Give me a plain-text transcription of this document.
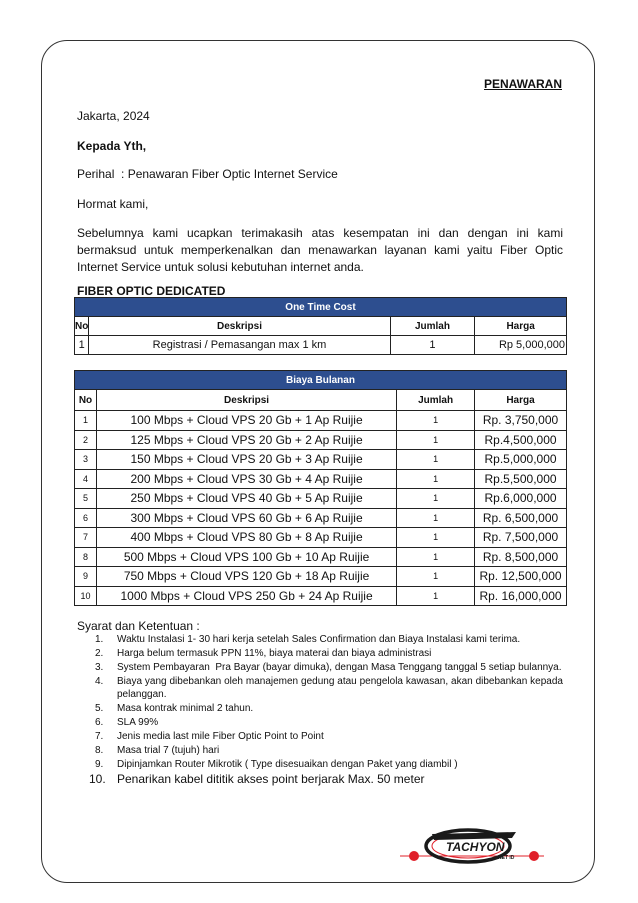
PENAWARAN
Jakarta, 2024
Kepada Yth,
Perihal  : Penawaran Fiber Optic Internet Service
Hormat kami,
Sebelumnya kami ucapkan terimakasih atas kesempatan ini dan dengan ini kami bermaksud untuk memperkenalkan dan menawarkan layanan kami yaitu Fiber Optic Internet Service untuk solusi kebutuhan internet anda.
FIBER OPTIC DEDICATED
One Time Cost			
No	Deskripsi	Jumlah	Harga
1	Registrasi / Pemasangan max 1 km	1	Rp 5,000,000
Biaya Bulanan			
No	Deskripsi	Jumlah	Harga
1	100 Mbps + Cloud VPS 20 Gb + 1 Ap Ruijie	1	Rp. 3,750,000
2	125 Mbps + Cloud VPS 20 Gb + 2 Ap Ruijie	1	Rp.4,500,000
3	150 Mbps + Cloud VPS 20 Gb + 3 Ap Ruijie	1	Rp.5,000,000
4	200 Mbps + Cloud VPS 30 Gb + 4 Ap Ruijie	1	Rp.5,500,000
5	250 Mbps + Cloud VPS 40 Gb + 5 Ap Ruijie	1	Rp.6,000,000
6	300 Mbps + Cloud VPS 60 Gb + 6 Ap Ruijie	1	Rp. 6,500,000
7	400 Mbps + Cloud VPS 80 Gb + 8 Ap Ruijie	1	Rp. 7,500,000
8	500 Mbps + Cloud VPS 100 Gb + 10 Ap Ruijie	1	Rp. 8,500,000
9	750 Mbps + Cloud VPS 120 Gb + 18 Ap Ruijie	1	Rp. 12,500,000
10	1000 Mbps + Cloud VPS 250 Gb + 24 Ap Ruijie	1	Rp. 16,000,000
Syarat dan Ketentuan :
1. Waktu Instalasi 1- 30 hari kerja setelah Sales Confirmation dan Biaya Instalasi kami terima.
2. Harga belum termasuk PPN 11%, biaya materai dan biaya administrasi
3. System Pembayaran  Pra Bayar (bayar dimuka), dengan Masa Tenggang tanggal 5 setiap bulannya.
4. Biaya yang dibebankan oleh manajemen gedung atau pengelola kawasan, akan dibebankan kepada pelanggan.
5. Masa kontrak minimal 2 tahun.
6. SLA 99%
7. Jenis media last mile Fiber Optic Point to Point
8. Masa trial 7 (tujuh) hari
9. Dipinjamkan Router Mikrotik ( Type disesuaikan dengan Paket yang diambil )
10. Penarikan kabel dititik akses point berjarak Max. 50 meter
TACHYON
NET ID
